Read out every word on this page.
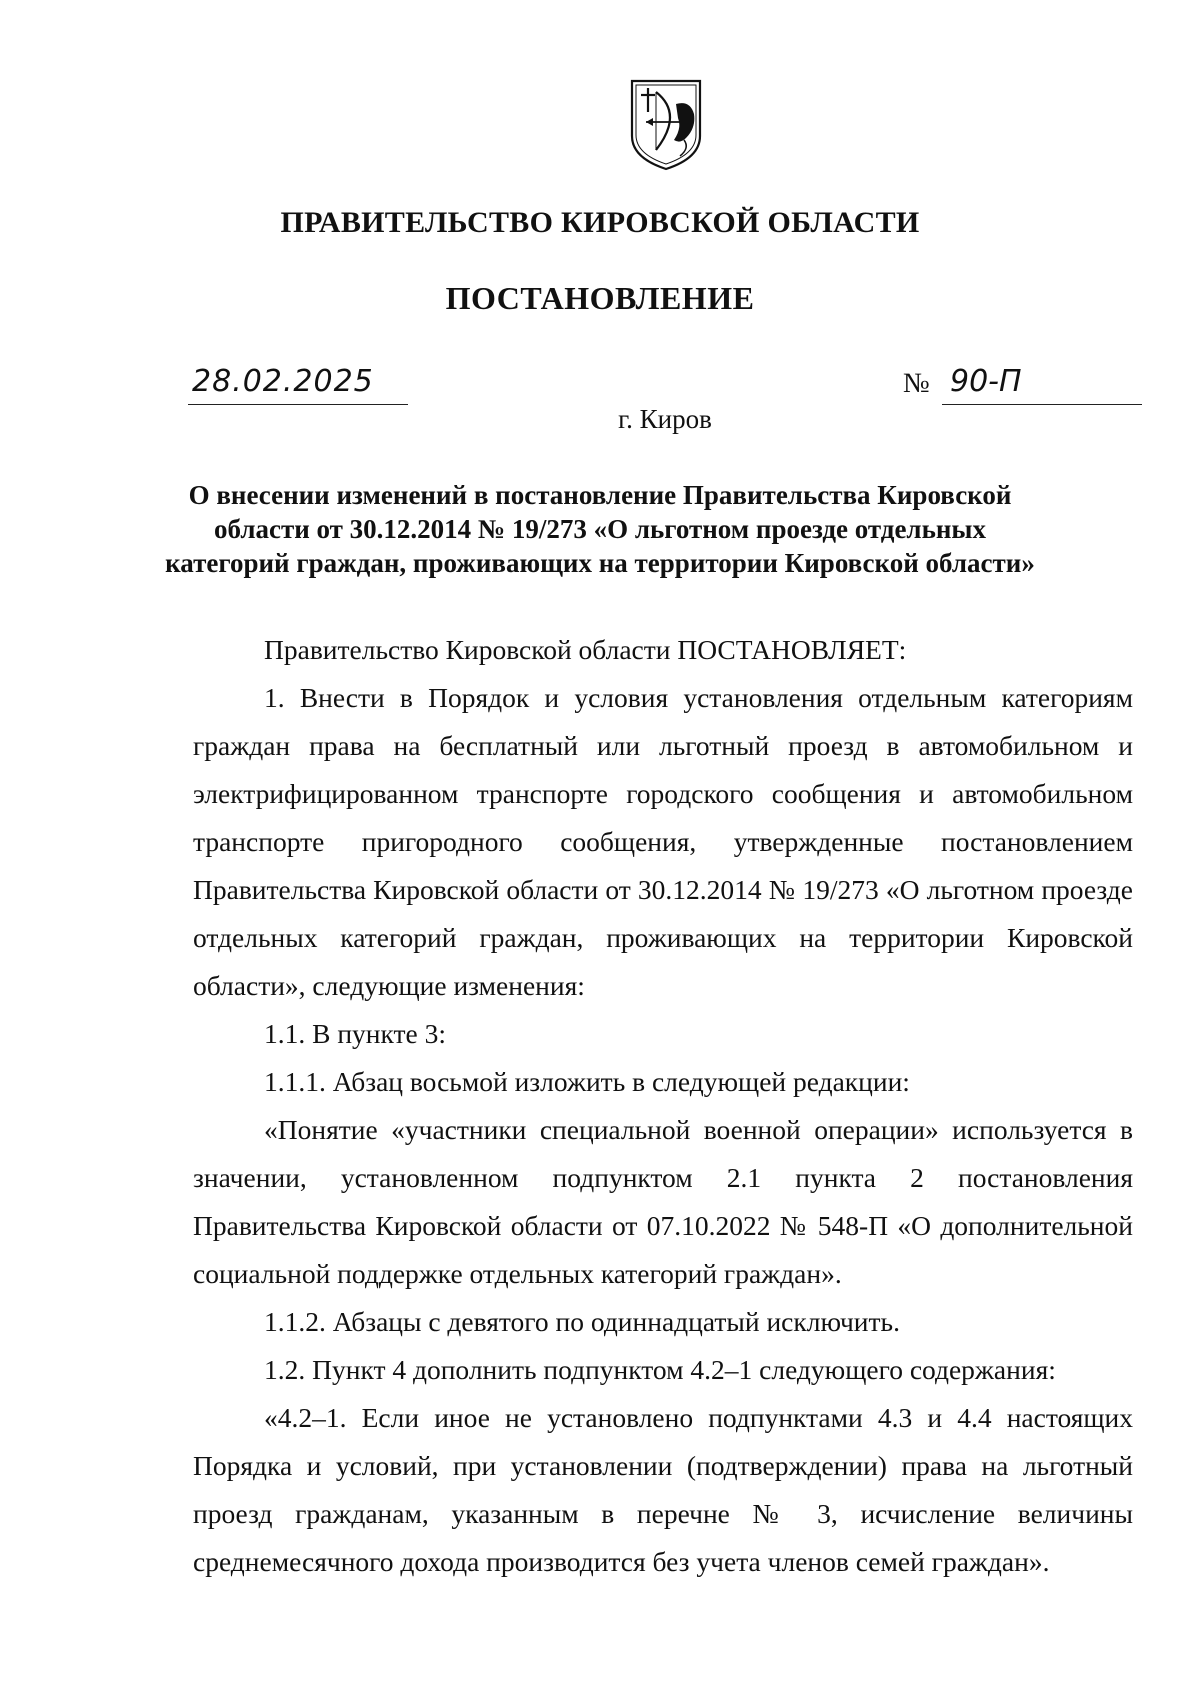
ПРАВИТЕЛЬСТВО КИРОВСКОЙ ОБЛАСТИ
ПОСТАНОВЛЕНИЕ
28.02.2025	№ 90-П
г. Киров
О внесении изменений в постановление Правительства Кировской области от 30.12.2014 № 19/273 «О льготном проезде отдельных категорий граждан, проживающих на территории Кировской области»

Правительство Кировской области ПОСТАНОВЛЯЕТ:

1. Внести в Порядок и условия установления отдельным категориям граждан права на бесплатный или льготный проезд в автомобильном и электрифицированном транспорте городского сообщения и автомобильном транспорте пригородного сообщения, утвержденные постановлением Правительства Кировской области от 30.12.2014 № 19/273 «О льготном проезде отдельных категорий граждан, проживающих на территории Кировской области», следующие изменения:

1.1. В пункте 3:

1.1.1. Абзац восьмой изложить в следующей редакции:

«Понятие «участники специальной военной операции» используется в значении, установленном подпунктом 2.1 пункта 2 постановления Правительства Кировской области от 07.10.2022 № 548-П «О дополнительной социальной поддержке отдельных категорий граждан».

1.1.2. Абзацы с девятого по одиннадцатый исключить.

1.2. Пункт 4 дополнить подпунктом 4.2–1 следующего содержания:

«4.2–1. Если иное не установлено подпунктами 4.3 и 4.4 настоящих Порядка и условий, при установлении (подтверждении) права на льготный проезд гражданам, указанным в перечне № 3, исчисление величины среднемесячного дохода производится без учета членов семей граждан».
